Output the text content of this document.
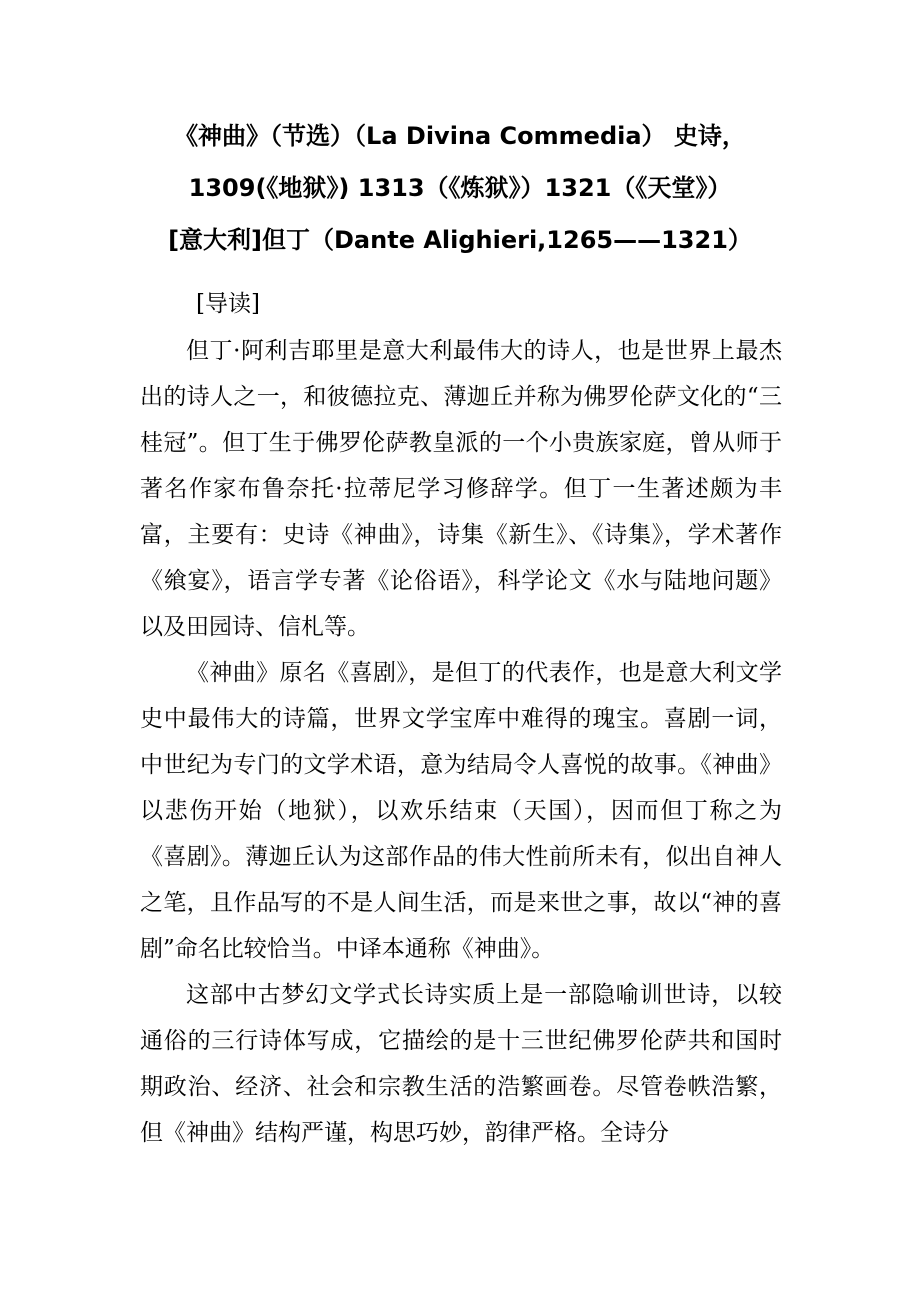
《神曲》（节选）（La Divina Commedia） 史诗，
1309(《地狱》) 1313（《炼狱》）1321（《天堂》）
[意大利]但丁（Dante Alighieri,1265——1321）
[导读]

但丁·阿利吉耶里是意大利最伟大的诗人，也是世界上最杰出的诗人之一，和彼德拉克、薄迦丘并称为佛罗伦萨文化的“三桂冠”。但丁生于佛罗伦萨教皇派的一个小贵族家庭，曾从师于著名作家布鲁奈托·拉蒂尼学习修辞学。但丁一生著述颇为丰富，主要有：史诗《神曲》，诗集《新生》、《诗集》，学术著作《飨宴》，语言学专著《论俗语》，科学论文《水与陆地问题》以及田园诗、信札等。

《神曲》原名《喜剧》，是但丁的代表作，也是意大利文学史中最伟大的诗篇，世界文学宝库中难得的瑰宝。喜剧一词，中世纪为专门的文学术语，意为结局令人喜悦的故事。《神曲》以悲伤开始（地狱），以欢乐结束（天国），因而但丁称之为《喜剧》。薄迦丘认为这部作品的伟大性前所未有，似出自神人之笔，且作品写的不是人间生活，而是来世之事，故以“神的喜剧”命名比较恰当。中译本通称《神曲》。

这部中古梦幻文学式长诗实质上是一部隐喻训世诗，以较通俗的三行诗体写成，它描绘的是十三世纪佛罗伦萨共和国时期政治、经济、社会和宗教生活的浩繁画卷。尽管卷帙浩繁，但《神曲》结构严谨，构思巧妙，韵律严格。全诗分
